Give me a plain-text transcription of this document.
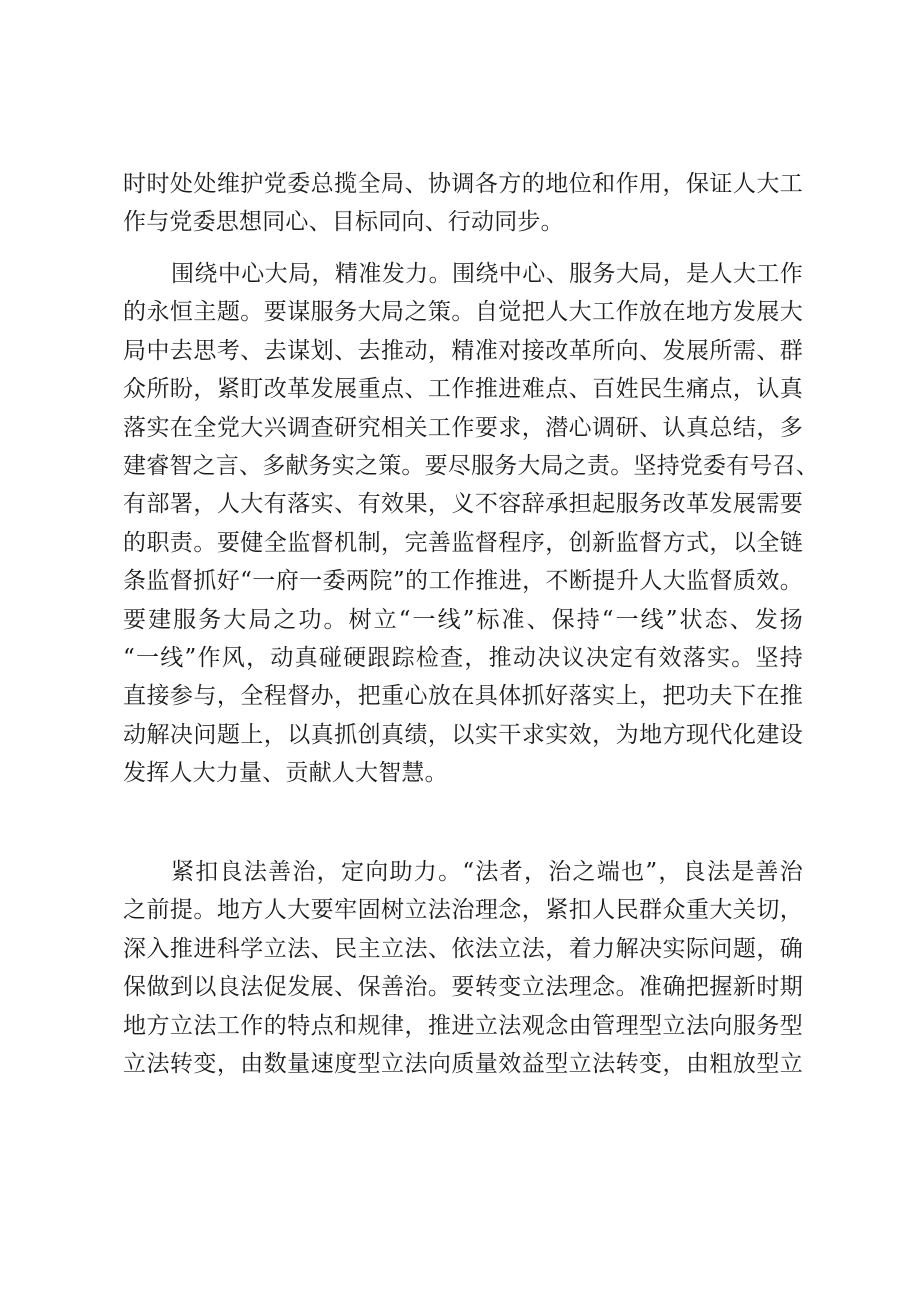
时时处处维护党委总揽全局、协调各方的地位和作用，保证人大工
作与党委思想同心、目标同向、行动同步。
围绕中心大局，精准发力。围绕中心、服务大局，是人大工作
的永恒主题。要谋服务大局之策。自觉把人大工作放在地方发展大
局中去思考、去谋划、去推动，精准对接改革所向、发展所需、群
众所盼，紧盯改革发展重点、工作推进难点、百姓民生痛点，认真
落实在全党大兴调查研究相关工作要求，潜心调研、认真总结，多
建睿智之言、多献务实之策。要尽服务大局之责。坚持党委有号召、
有部署，人大有落实、有效果，义不容辞承担起服务改革发展需要
的职责。要健全监督机制，完善监督程序，创新监督方式，以全链
条监督抓好“一府一委两院”的工作推进，不断提升人大监督质效。
要建服务大局之功。树立“一线”标准、保持“一线”状态、发扬
“一线”作风，动真碰硬跟踪检查，推动决议决定有效落实。坚持
直接参与，全程督办，把重心放在具体抓好落实上，把功夫下在推
动解决问题上，以真抓创真绩，以实干求实效，为地方现代化建设
发挥人大力量、贡献人大智慧。
紧扣良法善治，定向助力。“法者，治之端也”，良法是善治
之前提。地方人大要牢固树立法治理念，紧扣人民群众重大关切，
深入推进科学立法、民主立法、依法立法，着力解决实际问题，确
保做到以良法促发展、保善治。要转变立法理念。准确把握新时期
地方立法工作的特点和规律，推进立法观念由管理型立法向服务型
立法转变，由数量速度型立法向质量效益型立法转变，由粗放型立
